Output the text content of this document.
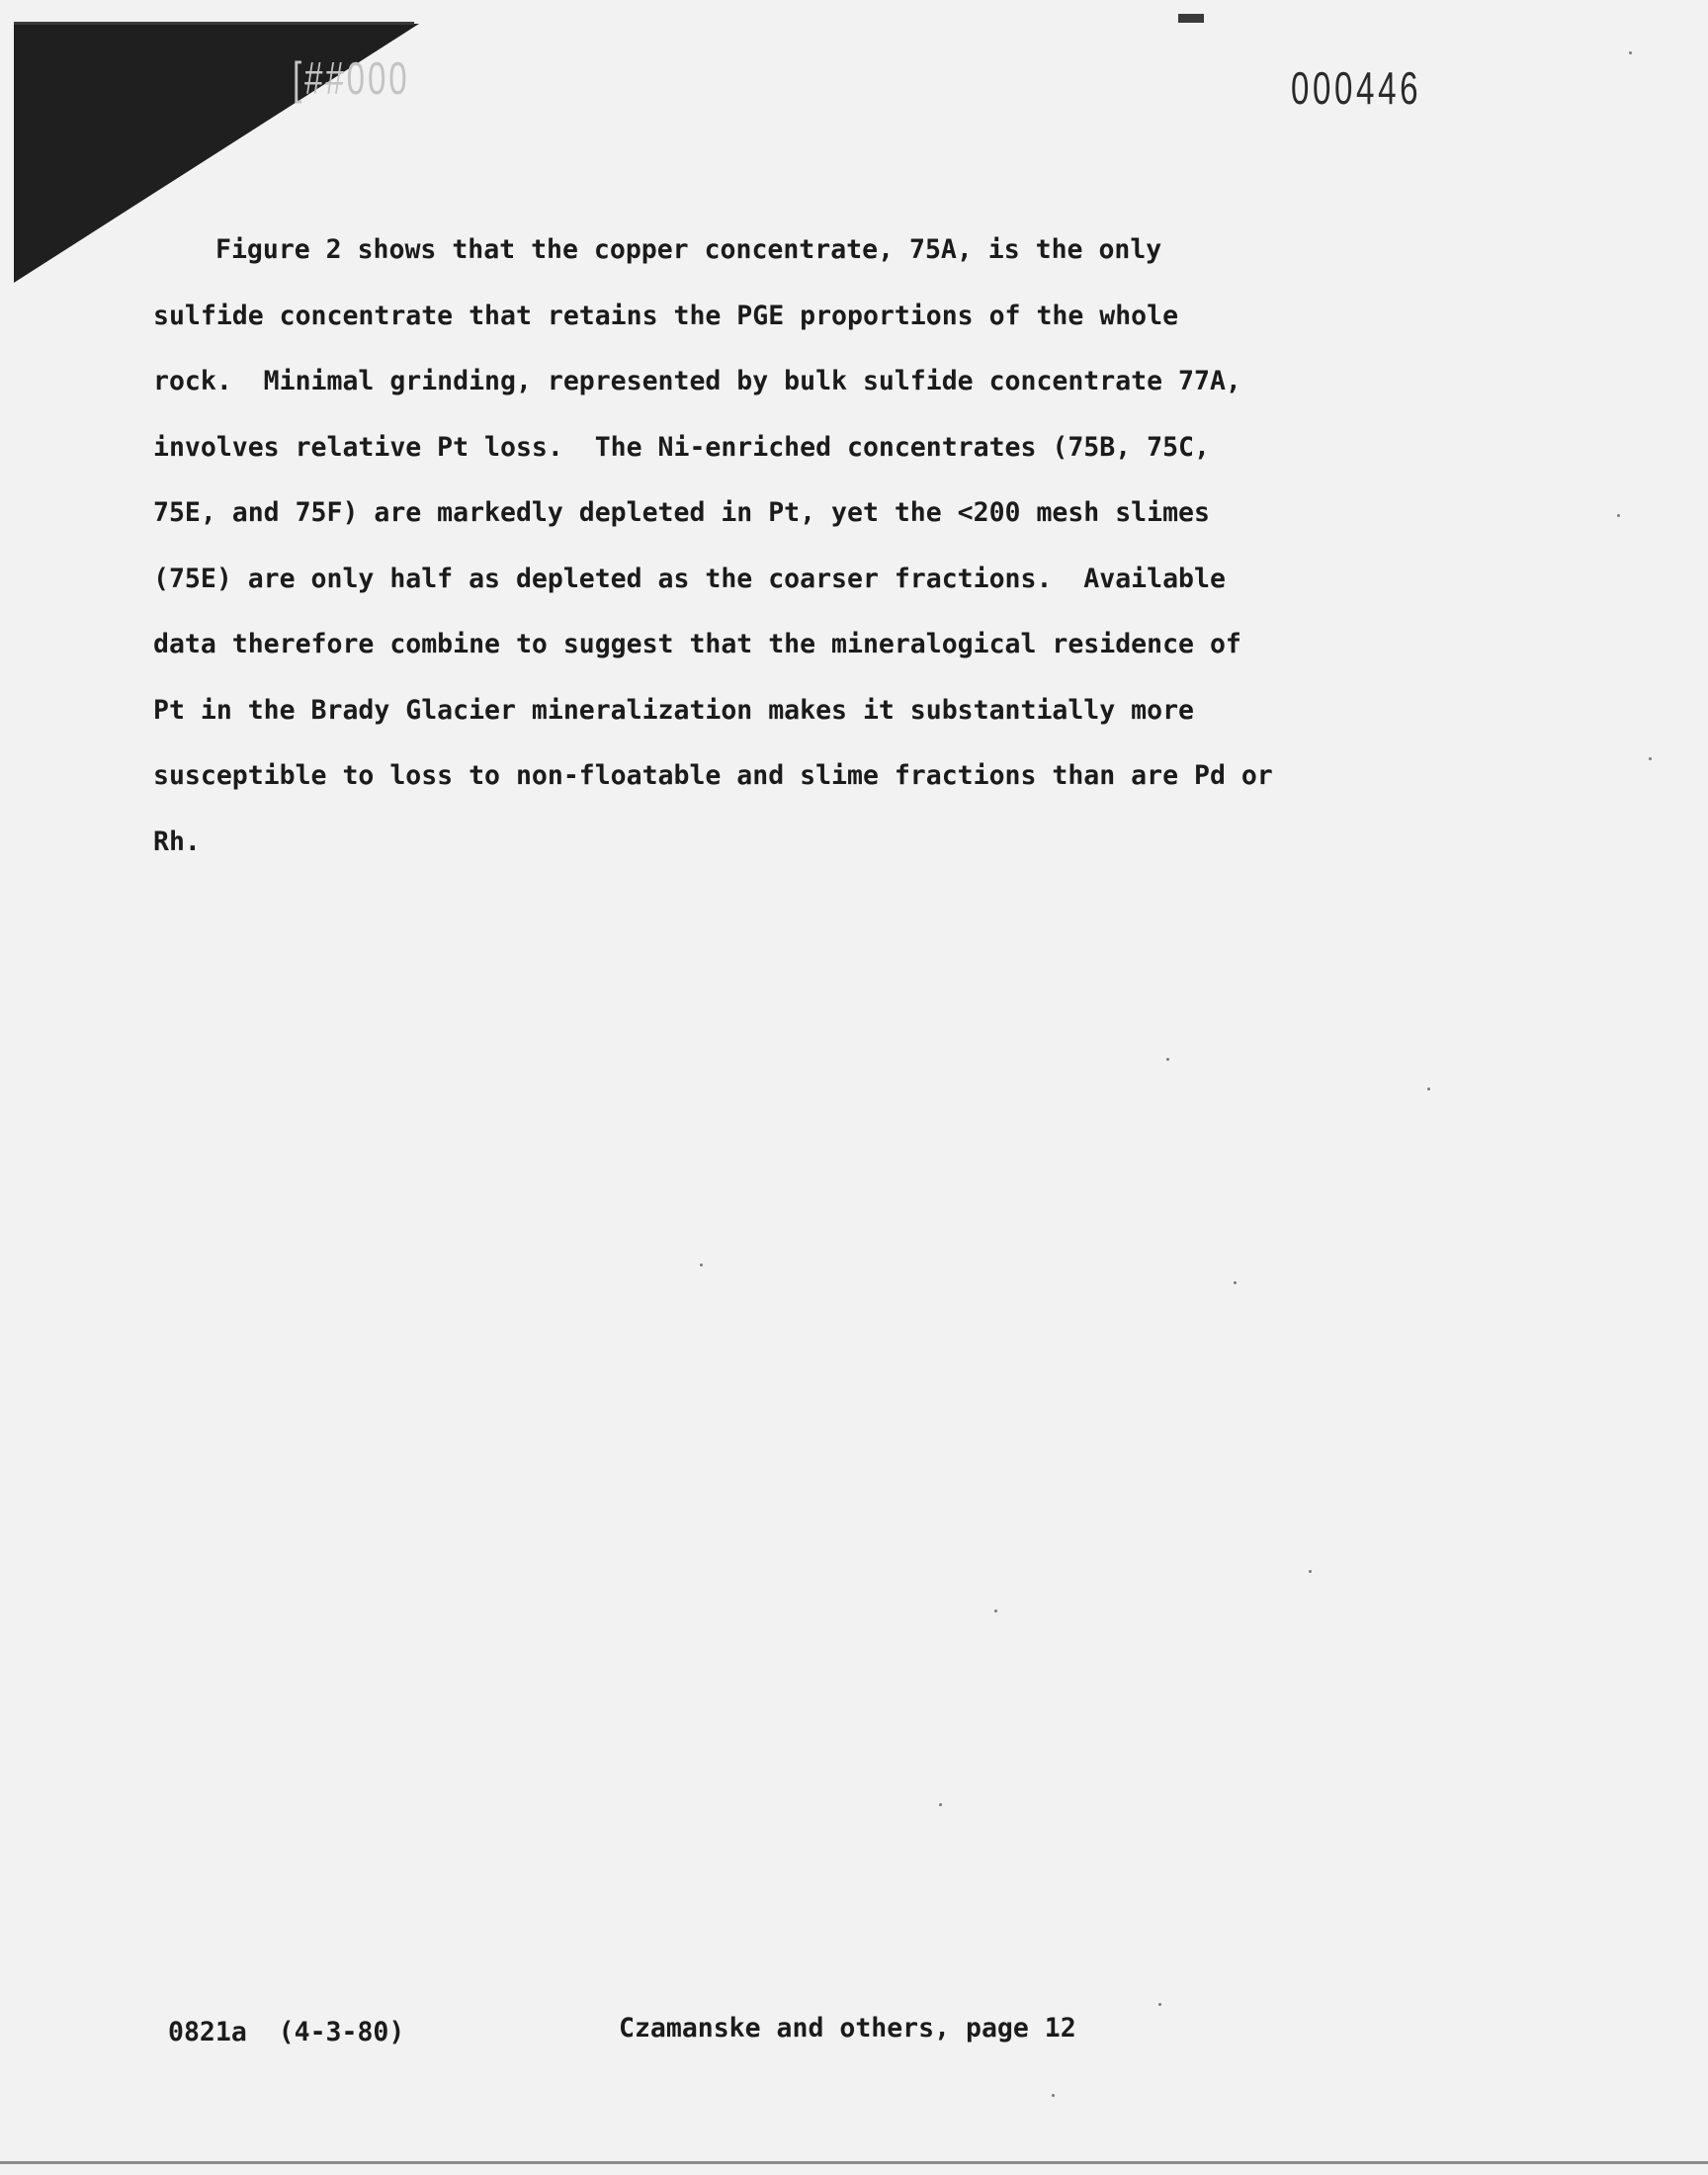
[##000	000446
Figure 2 shows that the copper concentrate, 75A, is the only
sulfide concentrate that retains the PGE proportions of the whole
rock.  Minimal grinding, represented by bulk sulfide concentrate 77A,
involves relative Pt loss.  The Ni-enriched concentrates (75B, 75C,
75E, and 75F) are markedly depleted in Pt, yet the <200 mesh slimes
(75E) are only half as depleted as the coarser fractions.  Available
data therefore combine to suggest that the mineralogical residence of
Pt in the Brady Glacier mineralization makes it substantially more
susceptible to loss to non-floatable and slime fractions than are Pd or
Rh.
0821a  (4-3-80)	Czamanske and others, page 12
